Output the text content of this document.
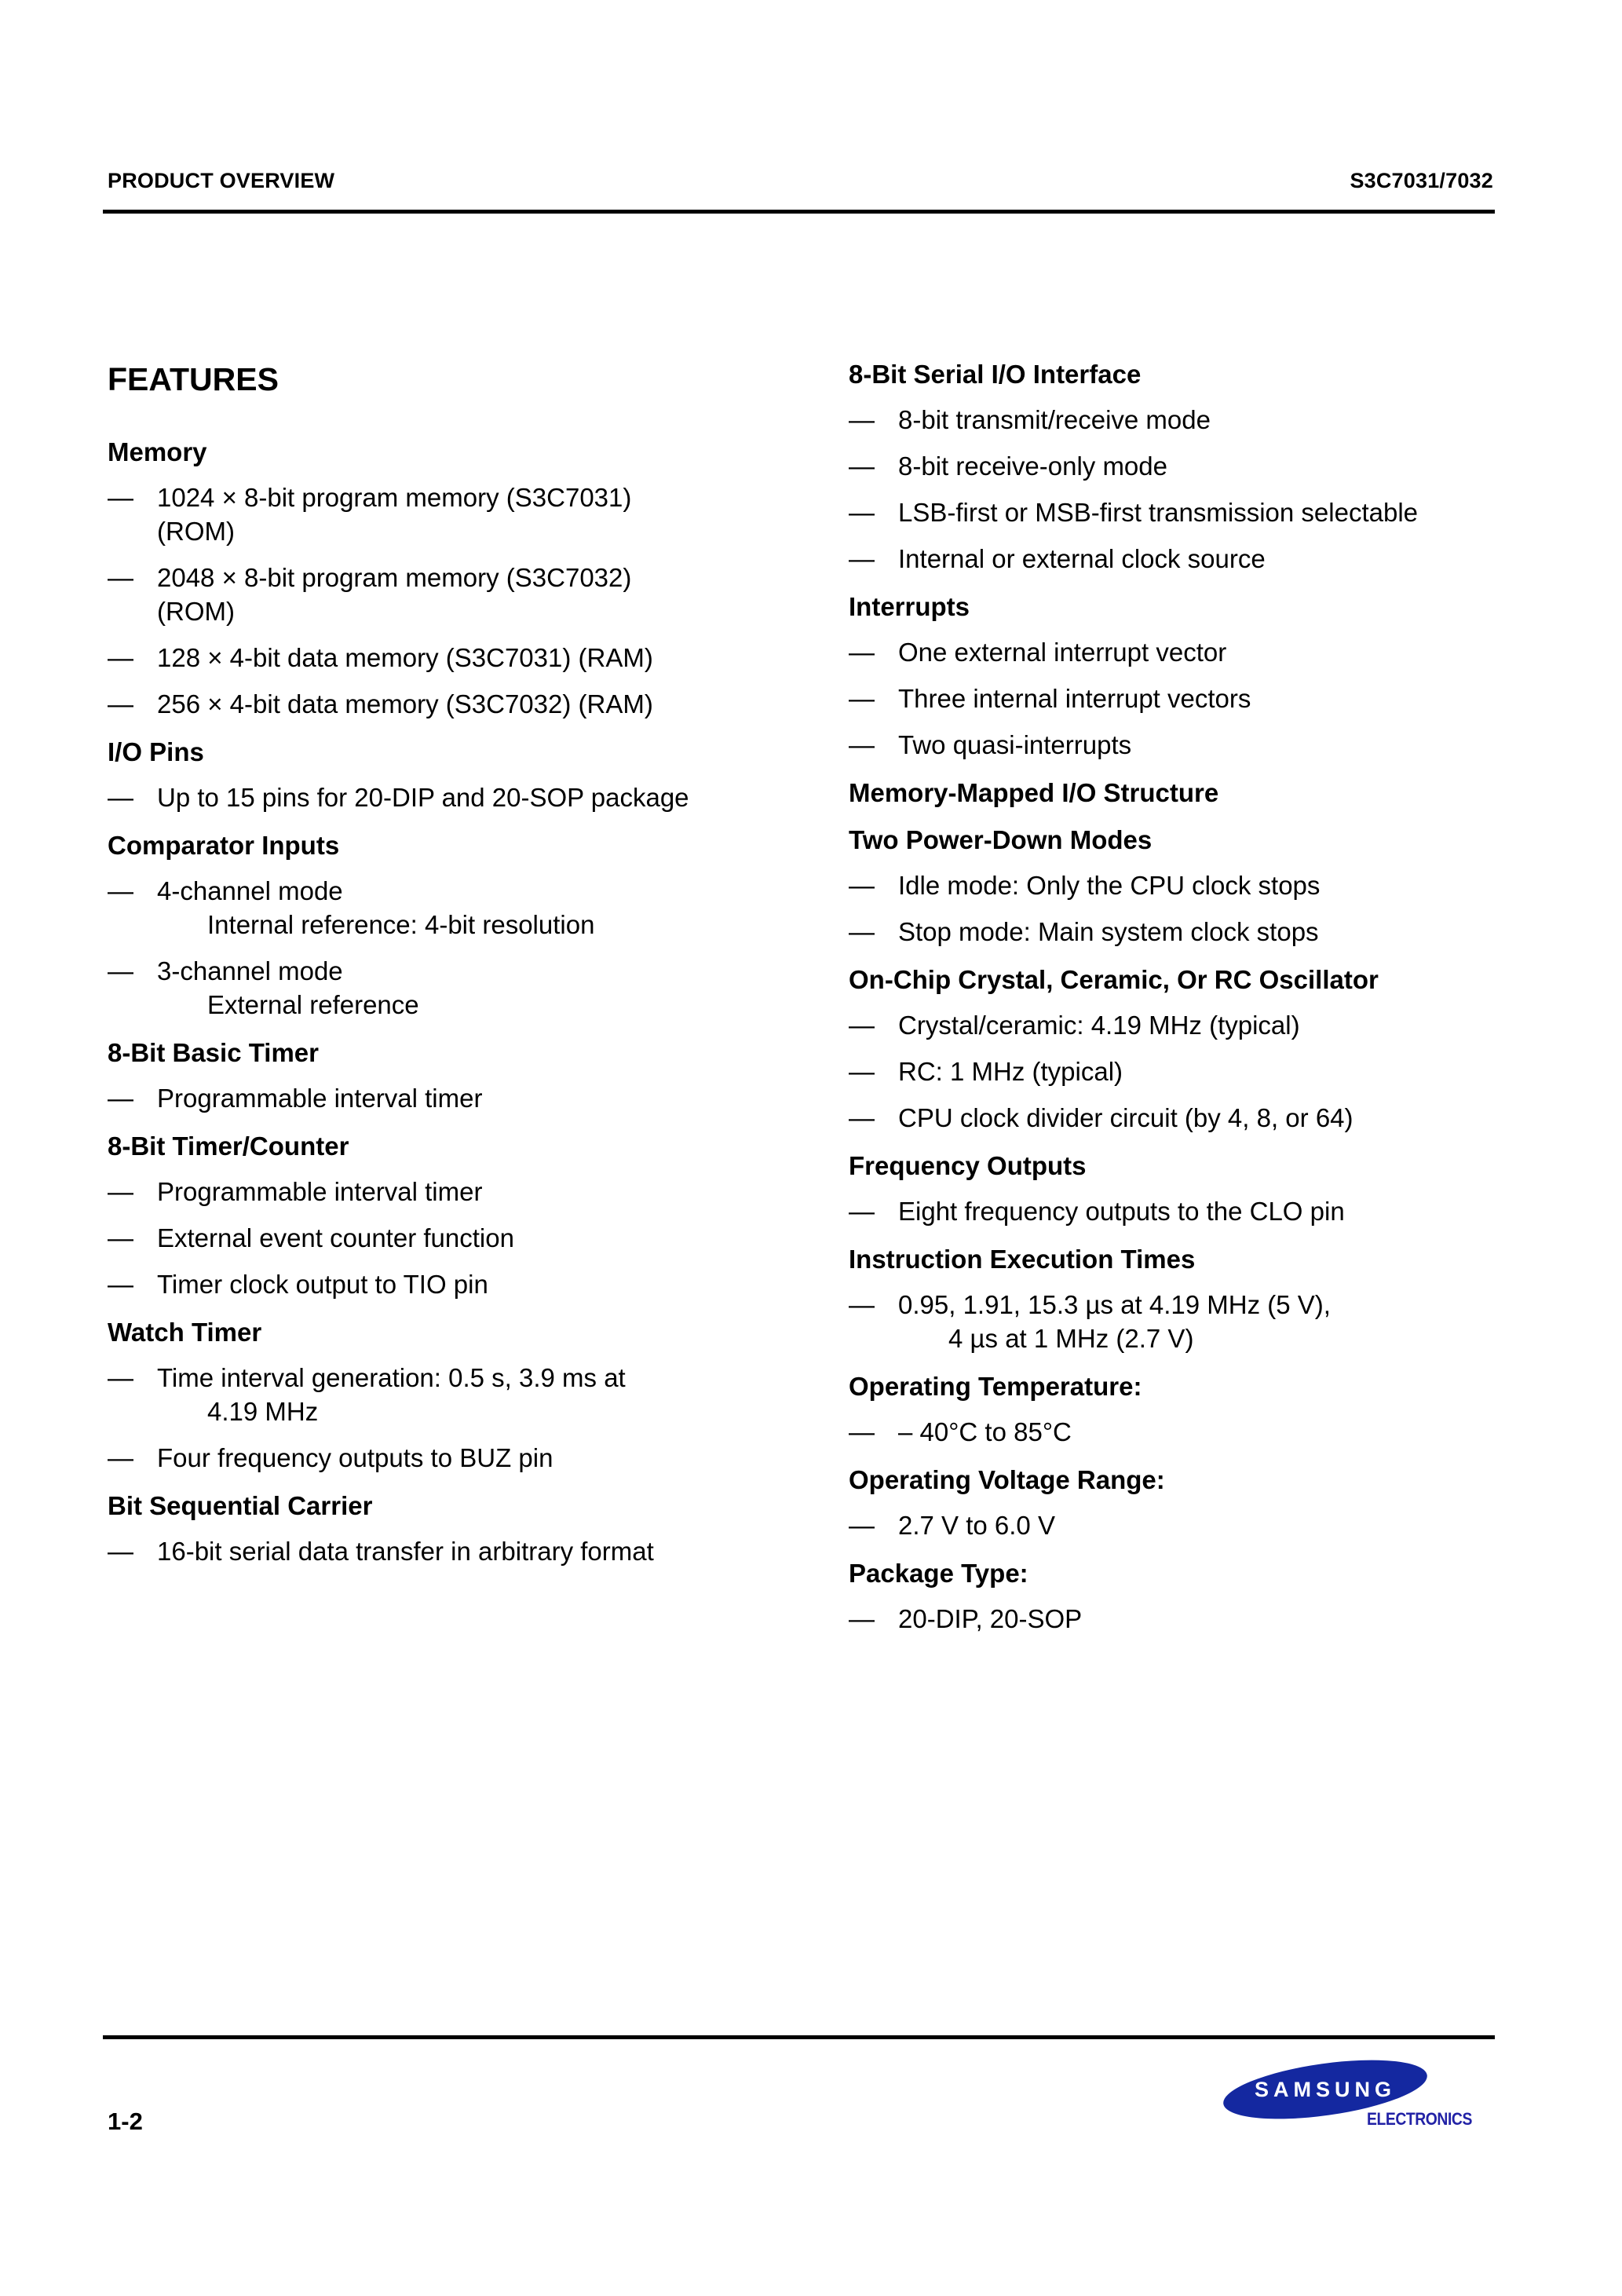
PRODUCT OVERVIEW	S3C7031/7032
FEATURES
Memory
— 1024 × 8-bit program memory (S3C7031)
(ROM)
— 2048 × 8-bit program memory (S3C7032)
(ROM)
— 128 × 4-bit data memory (S3C7031) (RAM)
— 256 × 4-bit data memory (S3C7032) (RAM)
I/O Pins
— Up to 15 pins for 20-DIP and 20-SOP package
Comparator Inputs
— 4-channel mode
Internal reference: 4-bit resolution
— 3-channel mode
External reference
8-Bit Basic Timer
— Programmable interval timer
8-Bit Timer/Counter
— Programmable interval timer
— External event counter function
— Timer clock output to TIO pin
Watch Timer
— Time interval generation: 0.5 s, 3.9 ms at
4.19 MHz
— Four frequency outputs to BUZ pin
Bit Sequential Carrier
— 16-bit serial data transfer in arbitrary format
8-Bit Serial I/O Interface
— 8-bit transmit/receive mode
— 8-bit receive-only mode
— LSB-first or MSB-first transmission selectable
— Internal or external clock source
Interrupts
— One external interrupt vector
— Three internal interrupt vectors
— Two quasi-interrupts
Memory-Mapped I/O Structure
Two Power-Down Modes
— Idle mode: Only the CPU clock stops
— Stop mode: Main system clock stops
On-Chip Crystal, Ceramic, Or RC Oscillator
— Crystal/ceramic: 4.19 MHz (typical)
— RC: 1 MHz (typical)
— CPU clock divider circuit (by 4, 8, or 64)
Frequency Outputs
— Eight frequency outputs to the CLO pin
Instruction Execution Times
— 0.95, 1.91, 15.3 µs at 4.19 MHz (5 V),
4 µs at 1 MHz (2.7 V)
Operating Temperature:
— – 40°C to 85°C
Operating Voltage Range:
— 2.7 V to 6.0 V
Package Type:
— 20-DIP, 20-SOP
1-2
SAMSUNG
ELECTRONICS
